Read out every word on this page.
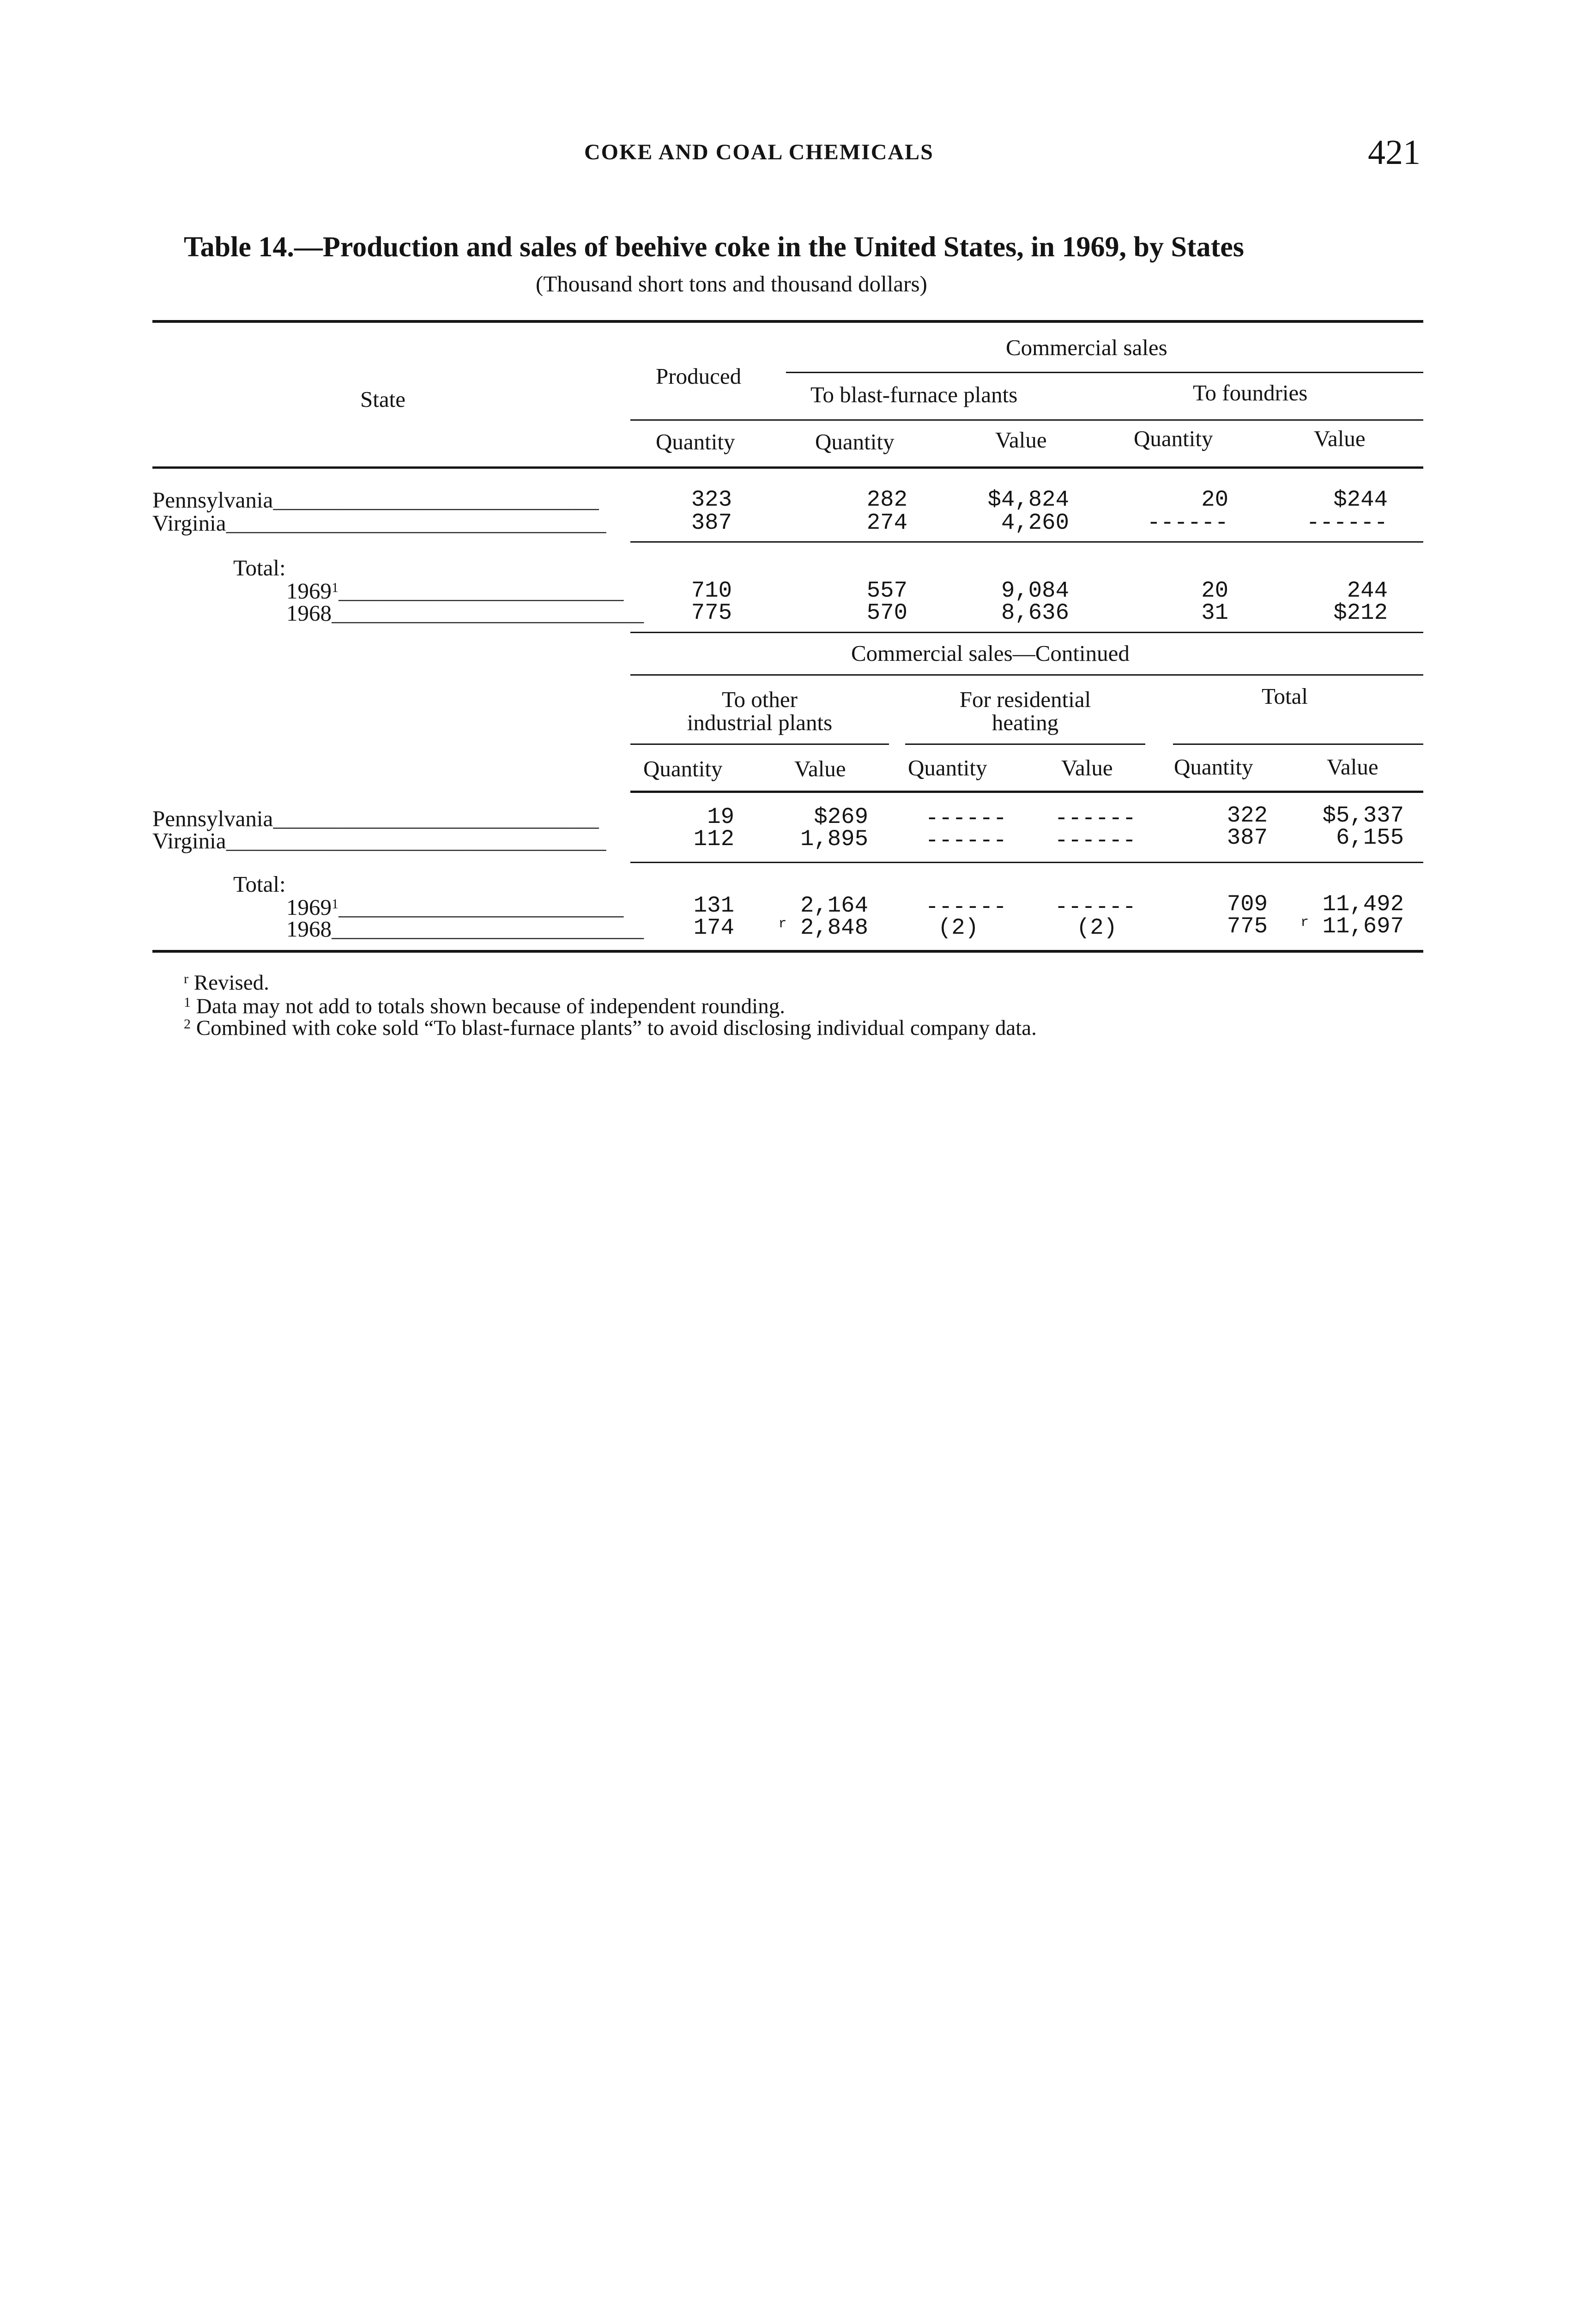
COKE AND COAL CHEMICALS	421
Table 14.—Production and sales of beehive coke in the United States, in 1969, by States
(Thousand short tons and thousand dollars)
State
Produced
Commercial sales
To blast-furnace plants	To foundries
Quantity	Quantity	Value	Quantity	Value
Pennsylvania________________________	323	282	$4,824	20	$244
Virginia____________________________	387	274	4,260	------	------
Total:
1969$^1$_____________________	710	557	9,084	20	244
1968_______________________	775	570	8,636	31	$212
Commercial sales—Continued
To other
industrial plants
For residential
heating
Total
Quantity	Value	Quantity	Value	Quantity	Value
Pennsylvania________________________	19	$269	------	------	322	$5,337
Virginia____________________________	112	1,895	------	------	387	6,155
Total:
1969$^1$_____________________	131	2,164	------	------	709	11,492
1968_______________________	174	$^r$ 2,848	(2)	(2)	775	$^r$ 11,697
$^r$ Revised.
$^1$ Data may not add to totals shown because of independent rounding.
$^2$ Combined with coke sold “To blast-furnace plants” to avoid disclosing individual company data.
